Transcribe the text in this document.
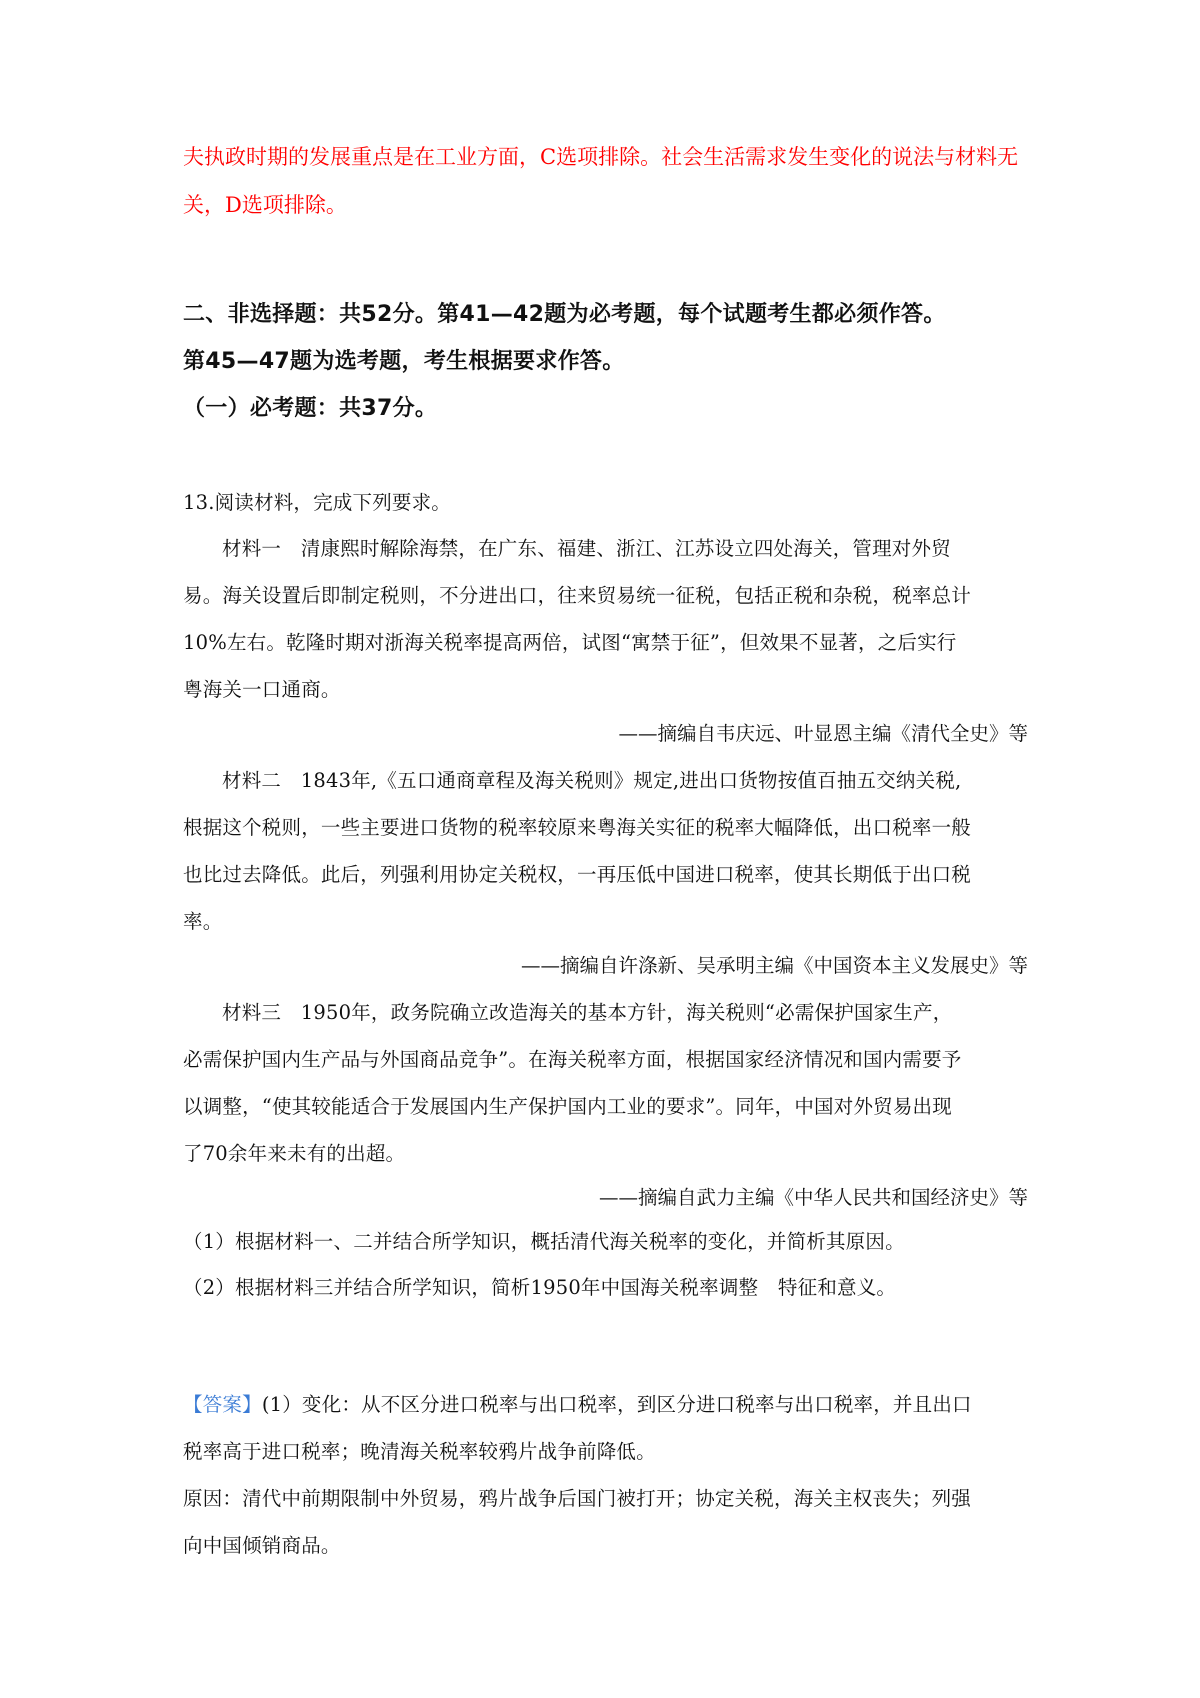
夫执政时期的发展重点是在工业方面，C选项排除。社会生活需求发生变化的说法与材料无
关，D选项排除。
二、非选择题：共52分。第41—42题为必考题，每个试题考生都必须作答。
第45—47题为选考题，考生根据要求作答。
（一）必考题：共37分。
13.阅读材料，完成下列要求。
材料一　清康熙时解除海禁，在广东、福建、浙江、江苏设立四处海关，管理对外贸
易。海关设置后即制定税则，不分进出口，往来贸易统一征税，包括正税和杂税，税率总计
10%左右。乾隆时期对浙海关税率提高两倍，试图“寓禁于征”，但效果不显著，之后实行
粤海关一口通商。
——摘编自韦庆远、叶显恩主编《清代全史》等
材料二　1843年,《五口通商章程及海关税则》规定,进出口货物按值百抽五交纳关税,
根据这个税则，一些主要进口货物的税率较原来粤海关实征的税率大幅降低，出口税率一般
也比过去降低。此后，列强利用协定关税权，一再压低中国进口税率，使其长期低于出口税
率。
——摘编自许涤新、吴承明主编《中国资本主义发展史》等
材料三　1950年，政务院确立改造海关的基本方针，海关税则“必需保护国家生产，
必需保护国内生产品与外国商品竞争”。在海关税率方面，根据国家经济情况和国内需要予
以调整，“使其较能适合于发展国内生产保护国内工业的要求”。同年，中国对外贸易出现
了70余年来未有的出超。
——摘编自武力主编《中华人民共和国经济史》等
（1）根据材料一、二并结合所学知识，概括清代海关税率的变化，并简析其原因。
（2）根据材料三并结合所学知识，简析1950年中国海关税率调整　特征和意义。
【答案】(1）变化：从不区分进口税率与出口税率，到区分进口税率与出口税率，并且出口
税率高于进口税率；晚清海关税率较鸦片战争前降低。
原因：清代中前期限制中外贸易，鸦片战争后国门被打开；协定关税，海关主权丧失；列强
向中国倾销商品。
